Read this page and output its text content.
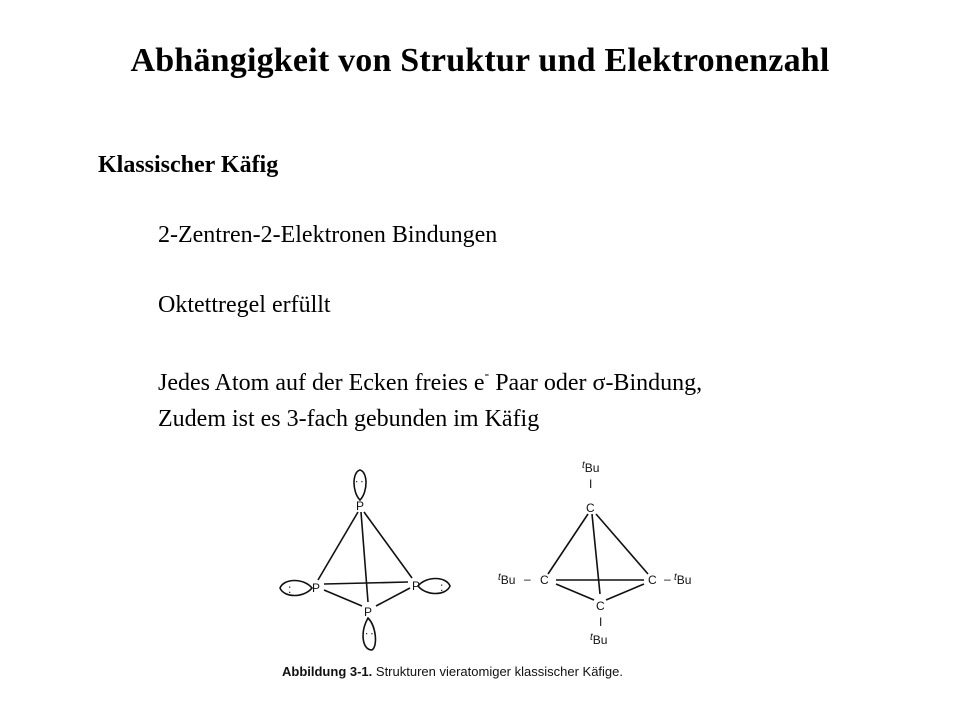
Abhängigkeit von Struktur und Elektronenzahl
Klassischer Käfig
2-Zentren-2-Elektronen Bindungen
Oktettregel erfüllt
Jedes Atom auf der Ecken freies e- Paar oder σ-Bindung,
Zudem ist es 3-fach gebunden im Käfig
P
P	P
P
:
:	:
:
$^t$Bu
I
C
$^t$Bu – C	C – $^t$Bu
C
I
$^t$Bu
Abbildung 3-1. Strukturen vieratomiger klassischer Käfige.
